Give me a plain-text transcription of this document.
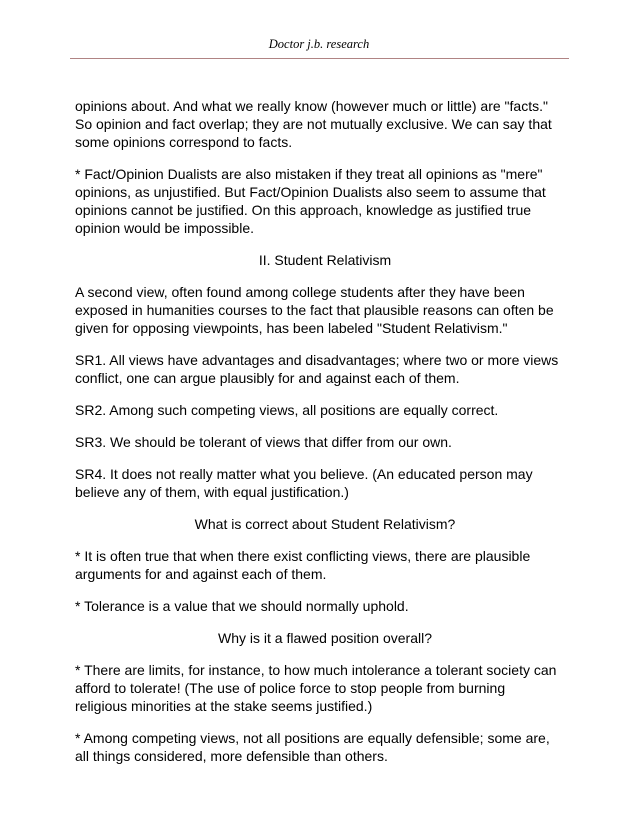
Doctor j.b. research

opinions about. And what we really know (however much or little) are "facts."
So opinion and fact overlap; they are not mutually exclusive. We can say that
some opinions correspond to facts.

* Fact/Opinion Dualists are also mistaken if they treat all opinions as "mere"
opinions, as unjustified. But Fact/Opinion Dualists also seem to assume that
opinions cannot be justified. On this approach, knowledge as justified true
opinion would be impossible.

II. Student Relativism

A second view, often found among college students after they have been
exposed in humanities courses to the fact that plausible reasons can often be
given for opposing viewpoints, has been labeled "Student Relativism."

SR1. All views have advantages and disadvantages; where two or more views
conflict, one can argue plausibly for and against each of them.

SR2. Among such competing views, all positions are equally correct.

SR3. We should be tolerant of views that differ from our own.

SR4. It does not really matter what you believe. (An educated person may
believe any of them, with equal justification.)

What is correct about Student Relativism?

* It is often true that when there exist conflicting views, there are plausible
arguments for and against each of them.

* Tolerance is a value that we should normally uphold.

Why is it a flawed position overall?

* There are limits, for instance, to how much intolerance a tolerant society can
afford to tolerate! (The use of police force to stop people from burning
religious minorities at the stake seems justified.)

* Among competing views, not all positions are equally defensible; some are,
all things considered, more defensible than others.
